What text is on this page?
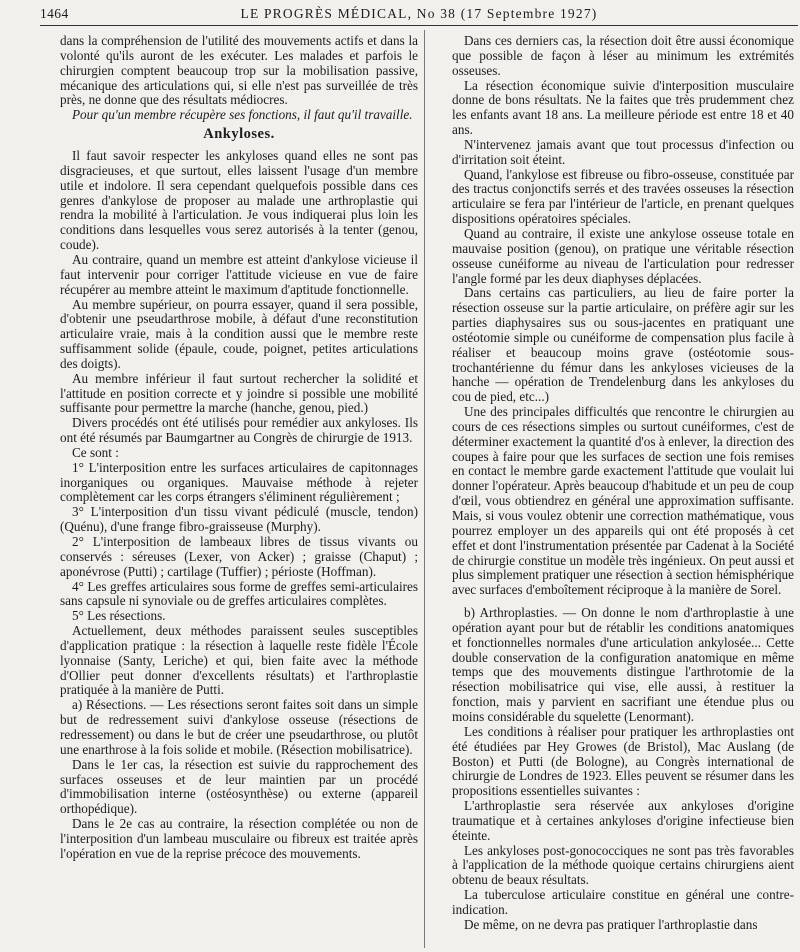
1464	LE PROGRÈS MÉDICAL, No 38 (17 Septembre 1927)

dans la compréhension de l'utilité des mouvements actifs et dans la volonté qu'ils auront de les exécuter. Les malades et parfois le chirurgien comptent beaucoup trop sur la mobilisation passive, mécanique des articulations qui, si elle n'est pas surveillée de très près, ne donne que des résultats médiocres.

Pour qu'un membre récupère ses fonctions, il faut qu'il travaille.

Ankyloses.

Il faut savoir respecter les ankyloses quand elles ne sont pas disgracieuses, et que surtout, elles laissent l'usage d'un membre utile et indolore. Il sera cependant quelquefois possible dans ces genres d'ankylose de proposer au malade une arthroplastie qui rendra la mobilité à l'articulation. Je vous indiquerai plus loin les conditions dans lesquelles vous serez autorisés à la tenter (genou, coude).

Au contraire, quand un membre est atteint d'ankylose vicieuse il faut intervenir pour corriger l'attitude vicieuse en vue de faire récupérer au membre atteint le maximum d'aptitude fonctionnelle.

Au membre supérieur, on pourra essayer, quand il sera possible, d'obtenir une pseudarthrose mobile, à défaut d'une reconstitution articulaire vraie, mais à la condition aussi que le membre reste suffisamment solide (épaule, coude, poignet, petites articulations des doigts).

Au membre inférieur il faut surtout rechercher la solidité et l'attitude en position correcte et y joindre si possible une mobilité suffisante pour permettre la marche (hanche, genou, pied.)

Divers procédés ont été utilisés pour remédier aux ankyloses. Ils ont été résumés par Baumgartner au Congrès de chirurgie de 1913.

Ce sont :

1° L'interposition entre les surfaces articulaires de capitonnages inorganiques ou organiques. Mauvaise méthode à rejeter complètement car les corps étrangers s'éliminent régulièrement ;

3° L'interposition d'un tissu vivant pédiculé (muscle, tendon) (Quénu), d'une frange fibro-graisseuse (Murphy).

2° L'interposition de lambeaux libres de tissus vivants ou conservés : séreuses (Lexer, von Acker) ; graisse (Chaput) ; aponévrose (Putti) ; cartilage (Tuffier) ; périoste (Hoffman).

4° Les greffes articulaires sous forme de greffes semi-articulaires sans capsule ni synoviale ou de greffes articulaires complètes.

5° Les résections.

Actuellement, deux méthodes paraissent seules susceptibles d'application pratique : la résection à laquelle reste fidèle l'École lyonnaise (Santy, Leriche) et qui, bien faite avec la méthode d'Ollier peut donner d'excellents résultats) et l'arthroplastie pratiquée à la manière de Putti.

a) Résections. — Les résections seront faites soit dans un simple but de redressement suivi d'ankylose osseuse (résections de redressement) ou dans le but de créer une pseudarthrose, ou plutôt une enarthrose à la fois solide et mobile. (Résection mobilisatrice).

Dans le 1er cas, la résection est suivie du rapprochement des surfaces osseuses et de leur maintien par un procédé d'immobilisation interne (ostéosynthèse) ou externe (appareil orthopédique).

Dans le 2e cas au contraire, la résection complétée ou non de l'interposition d'un lambeau musculaire ou fibreux est traitée après l'opération en vue de la reprise précoce des mouvements.

Dans ces derniers cas, la résection doit être aussi économique que possible de façon à léser au minimum les extrémités osseuses.

La résection économique suivie d'interposition musculaire donne de bons résultats. Ne la faites que très prudemment chez les enfants avant 18 ans. La meilleure période est entre 18 et 40 ans.

N'intervenez jamais avant que tout processus d'infection ou d'irritation soit éteint.

Quand, l'ankylose est fibreuse ou fibro-osseuse, constituée par des tractus conjonctifs serrés et des travées osseuses la résection articulaire se fera par l'intérieur de l'article, en prenant quelques dispositions opératoires spéciales.

Quand au contraire, il existe une ankylose osseuse totale en mauvaise position (genou), on pratique une véritable résection osseuse cunéiforme au niveau de l'articulation pour redresser l'angle formé par les deux diaphyses déplacées.

Dans certains cas particuliers, au lieu de faire porter la résection osseuse sur la partie articulaire, on préfère agir sur les parties diaphysaires sus ou sous-jacentes en pratiquant une ostéotomie simple ou cunéiforme de compensation plus facile à réaliser et beaucoup moins grave (ostéotomie sous-trochantérienne du fémur dans les ankyloses vicieuses de la hanche — opération de Trendelenburg dans les ankyloses du cou de pied, etc...)

Une des principales difficultés que rencontre le chirurgien au cours de ces résections simples ou surtout cunéiformes, c'est de déterminer exactement la quantité d'os à enlever, la direction des coupes à faire pour que les surfaces de section une fois remises en contact le membre garde exactement l'attitude que voulait lui donner l'opérateur. Après beaucoup d'habitude et un peu de coup d'œil, vous obtiendrez en général une approximation suffisante. Mais, si vous voulez obtenir une correction mathématique, vous pourrez employer un des appareils qui ont été proposés à cet effet et dont l'instrumentation présentée par Cadenat à la Société de chirurgie constitue un modèle très ingénieux. On peut aussi et plus simplement pratiquer une résection à section hémisphérique avec surfaces d'emboîtement réciproque à la manière de Sorel.

b) Arthroplasties. — On donne le nom d'arthroplastie à une opération ayant pour but de rétablir les conditions anatomiques et fonctionnelles normales d'une articulation ankylosée... Cette double conservation de la configuration anatomique en même temps que des mouvements distingue l'arthrotomie de la résection mobilisatrice qui vise, elle aussi, à restituer la fonction, mais y parvient en sacrifiant une étendue plus ou moins considérable du squelette (Lenormant).

Les conditions à réaliser pour pratiquer les arthroplasties ont été étudiées par Hey Growes (de Bristol), Mac Auslang (de Boston) et Putti (de Bologne), au Congrès international de chirurgie de Londres de 1923. Elles peuvent se résumer dans les propositions essentielles suivantes :

L'arthroplastie sera réservée aux ankyloses d'origine traumatique et à certaines ankyloses d'origine infectieuse bien éteinte.

Les ankyloses post-gonococciques ne sont pas très favorables à l'application de la méthode quoique certains chirurgiens aient obtenu de beaux résultats.

La tuberculose articulaire constitue en général une contre-indication.

De même, on ne devra pas pratiquer l'arthroplastie dans
